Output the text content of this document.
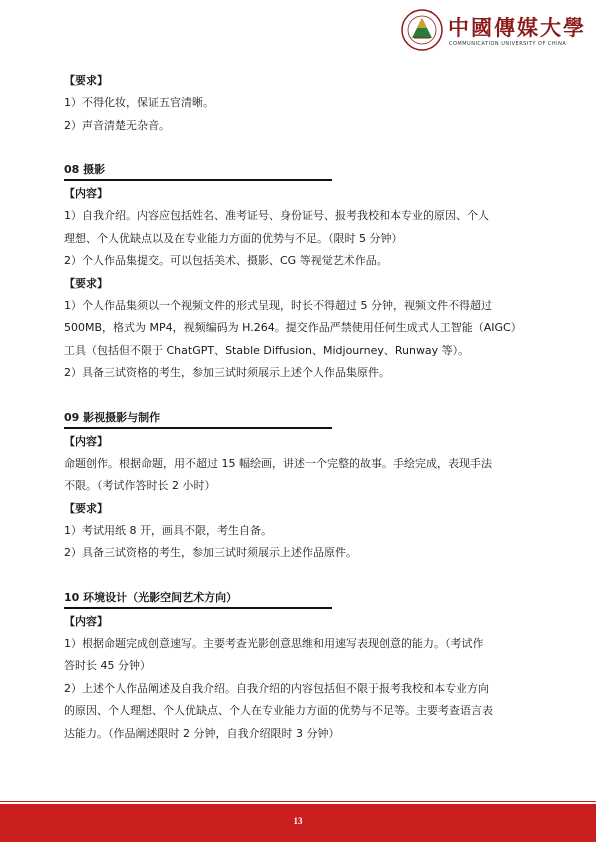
中國傳媒大學
COMMUNICATION UNIVERSITY OF CHINA

【要求】

1）不得化妆，保证五官清晰。

2）声音清楚无杂音。

08 摄影

【内容】

1）自我介绍。内容应包括姓名、准考证号、身份证号、报考我校和本专业的原因、个人

理想、个人优缺点以及在专业能力方面的优势与不足。（限时 5 分钟）

2）个人作品集提交。可以包括美术、摄影、CG 等视觉艺术作品。

【要求】

1）个人作品集须以一个视频文件的形式呈现，时长不得超过 5 分钟，视频文件不得超过

500MB，格式为 MP4，视频编码为 H.264。提交作品严禁使用任何生成式人工智能（AIGC）

工具（包括但不限于 ChatGPT、Stable Diffusion、Midjourney、Runway 等）。

2）具备三试资格的考生，参加三试时须展示上述个人作品集原件。

09 影视摄影与制作

【内容】

命题创作。根据命题，用不超过 15 幅绘画，讲述一个完整的故事。手绘完成，表现手法

不限。（考试作答时长 2 小时）

【要求】

1）考试用纸 8 开，画具不限，考生自备。

2）具备三试资格的考生，参加三试时须展示上述作品原件。

10 环境设计（光影空间艺术方向）

【内容】

1）根据命题完成创意速写。主要考查光影创意思维和用速写表现创意的能力。（考试作

答时长 45 分钟）

2）上述个人作品阐述及自我介绍。自我介绍的内容包括但不限于报考我校和本专业方向

的原因、个人理想、个人优缺点、个人在专业能力方面的优势与不足等。主要考查语言表

达能力。（作品阐述限时 2 分钟，自我介绍限时 3 分钟）

13
